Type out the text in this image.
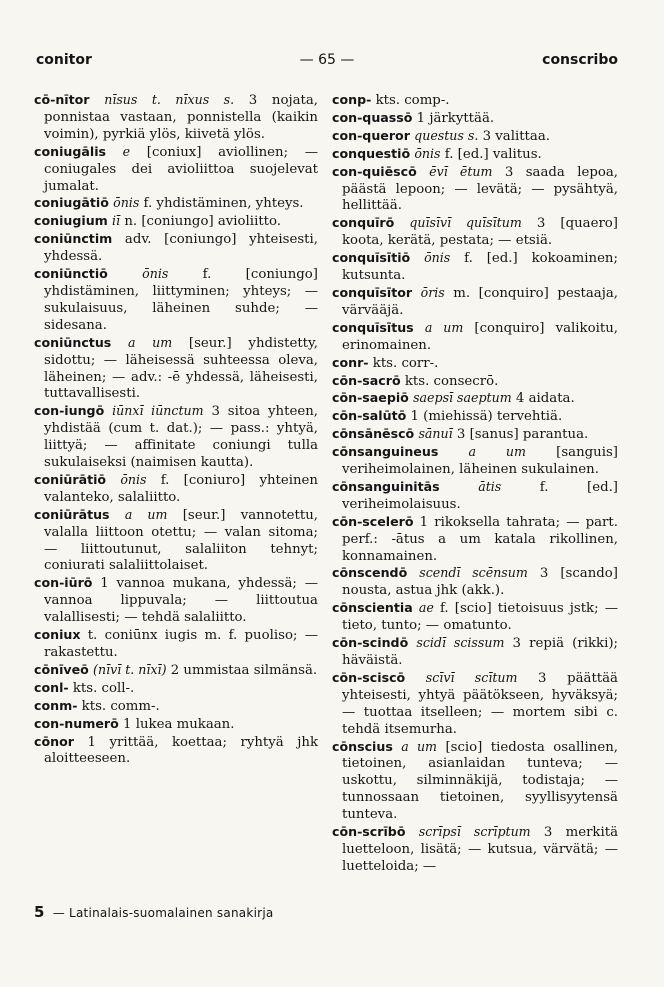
conitor	— 65 —	conscribo
cō-nītor nīsus t. nīxus s. 3 nojata, ponnistaa vastaan, ponnistella (kaikin voimin), pyrkiä ylös, kiivetä ylös.
coniugālis e [coniux] aviollinen; — coniugales dei avioliittoa suojelevat jumalat.
coniugātiō ōnis f. yhdistäminen, yhteys.
coniugium iī n. [coniungo] avioliitto.
coniūnctim adv. [coniungo] yhteisesti, yhdessä.
coniūnctiō	ōnis	f. [coniungo] yhdistäminen, liittyminen; yhteys; — sukulaisuus, läheinen suhde; — sidesana.
coniūnctus a um [seur.] yhdistetty, sidottu; — läheisessä suhteessa oleva, läheinen; — adv.: -ē yhdessä, läheisesti, tuttavallisesti.
con-iungō iūnxī iūnctum 3 sitoa yhteen, yhdistää (cum t. dat.); — pass.: yhtyä, liittyä; — affinitate coniungi tulla sukulaiseksi (naimisen kautta).
coniūrātiō ōnis f. [coniuro] yhteinen valanteko, salaliitto.
coniūrātus a um [seur.] vannotettu, valalla liittoon otettu; — valan sitoma; — liittoutunut, salaliiton tehnyt; coniurati salaliittolaiset.
con-iūrō 1 vannoa mukana, yhdessä; — vannoa lippuvala; — liittoutua valallisesti; — tehdä salaliitto.
coniux t. coniūnx iugis m. f. puoliso; — rakastettu.
cōnīveō (nīvī t. nīxī) 2 ummistaa silmänsä.
conl- kts. coll-.
conm- kts. comm-.
con-numerō 1 lukea mukaan.
cōnor 1 yrittää, koettaa; ryhtyä jhk aloitteeseen.
conp- kts. comp-.
con-quassō 1 järkyttää.
con-queror questus s. 3 valittaa.
conquestiō ōnis f. [ed.] valitus.
con-quiēscō ēvī ētum 3 saada lepoa, päästä lepoon; — levätä; — pysähtyä, hellittää.
conquīrō quīsīvī quīsītum 3 [quaero] koota, kerätä, pestata; — etsiä.
conquīsītiō ōnis f. [ed.] kokoaminen; kutsunta.
conquīsītor ōris m. [conquiro] pestaaja, värvääjä.
conquīsītus a um [conquiro] valikoitu, erinomainen.
conr- kts. corr-.
cōn-sacrō kts. consecrō.
cōn-saepiō saepsī saeptum 4 aidata.
cōn-salūtō 1 (miehissä) tervehtiä.
cōnsānēscō sānuī 3 [sanus] parantua.
cōnsanguineus a um [sanguis] veriheimolainen, läheinen sukulainen.
cōnsanguinitās	ātis	f. [ed.] veriheimolaisuus.
cōn-scelerō 1 rikoksella tahrata; — part. perf.: -ātus a um katala rikollinen, konnamainen.
cōnscendō scendī scēnsum 3 [scando] nousta, astua jhk (akk.).
cōnscientia ae f. [scio] tietoisuus jstk; — tieto, tunto; — omatunto.
cōn-scindō scidī scissum 3 repiä (rikki); häväistä.
cōn-sciscō scīvī scītum 3 päättää yhteisesti, yhtyä päätökseen, hyväksyä; — tuottaa itselleen; — mortem sibi c. tehdä itsemurha.
cōnscius a um [scio] tiedosta osallinen, tietoinen, asianlaidan tunteva; — uskottu, silminnäkijä, todistaja; — tunnossaan tietoinen, syyllisyytensä tunteva.
cōn-scrībō scrīpsī scrīptum 3 merkitä luetteloon, lisätä; — kutsua, värvätä; — luetteloida; —
5 — Latinalais-suomalainen sanakirja
